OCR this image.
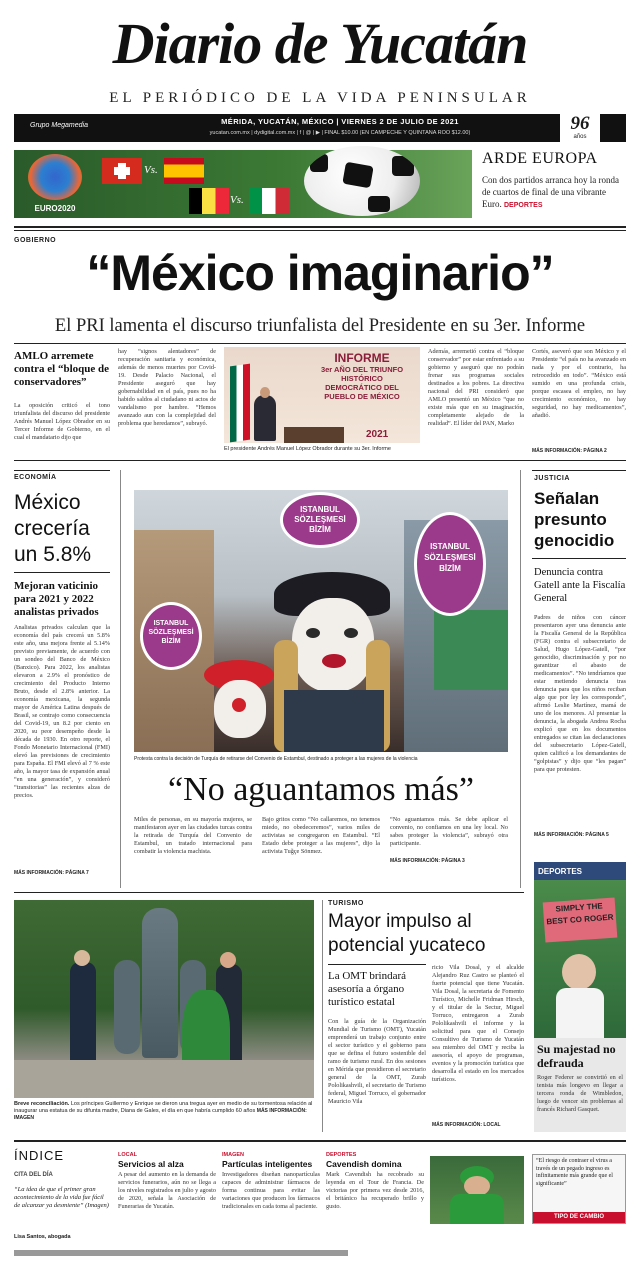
Diario de Yucatán
EL PERIÓDICO DE LA VIDA PENINSULAR
Grupo Megamedia	MÉRIDA, YUCATÁN, MÉXICO | VIERNES 2 DE JULIO DE 2021
yucatan.com.mx | dydigital.com.mx | f | @ | ▶ | FINAL $10.00 (EN CAMPECHE Y QUINTANA ROO $12.00)	96
años
EURO2020
Vs.
Vs.
ARDE EUROPA
Con dos partidos arranca hoy la ronda de cuartos de final de una vibrante Euro. DEPORTES
GOBIERNO
“México imaginario”
El PRI lamenta el discurso triunfalista del Presidente en su 3er. Informe
AMLO arremete contra el “bloque de conservadores”
La oposición criticó el tono triunfalista del discurso del presidente Andrés Manuel López Obrador en su Tercer Informe de Gobierno, en el cual el mandatario dijo que
hay “signos alentadores” de recuperación sanitaria y económica, además de menos muertes por Covid-19. Desde Palacio Nacional, el Presidente aseguró que hay gobernabilidad en el país, pues no ha habido saldos al ciudadano ni actos de vandalismo por hambre. “Hemos avanzado aun con la complejidad del problema que heredamos”, subrayó.
INFORME
3er AÑO DEL TRIUNFO HISTÓRICO DEMOCRÁTICO DEL PUEBLO DE MÉXICO
2021
El presidente Andrés Manuel López Obrador durante su 3er. Informe
Además, arremetió contra el “bloque conservador” por estar enfrentado a su gobierno y aseguró que no podrán frenar sus programas sociales destinados a los pobres. La directiva nacional del PRI consideró que AMLO presentó un México “que no existe más que en su imaginación, completamente alejado de la realidad”. El líder del PAN, Marko
Cortés, aseveró que son México y el Presidente “el país no ha avanzado en nada y por el contrario, ha retrocedido en todo”. “México está sumido en una profunda crisis, porque escasea el empleo, no hay crecimiento económico, no hay seguridad, no hay medicamentos”, añadió.
MÁS INFORMACIÓN: PÁGINA 2
ECONOMÍA
México crecería un 5.8%
Mejoran vaticinio para 2021 y 2022 analistas privados
Analistas privados calculan que la economía del país crecerá un 5.8% este año, una mejora frente al 5.14% previsto previamente, de acuerdo con un sondeo del Banco de México (Banxico). Para 2022, los analistas elevaron a 2.9% el pronóstico de crecimiento del Producto Interno Bruto, desde el 2.8% anterior. La economía mexicana, la segunda mayor de América Latina después de Brasil, se contrajo como consecuencia del Covid-19, un 8.2 por ciento en 2020, su peor desempeño desde la década de 1930. En otro reporte, el Fondo Monetario Internacional (FMI) elevó las previsiones de crecimiento para España. El FMI elevó al 7 % este año, la mayor tasa de expansión anual “en una generación”, y consideró “transitorias” las recientes alzas de precios.
MÁS INFORMACIÓN: PÁGINA 7
ISTANBUL SÖZLEŞMESİ BİZİM
ISTANBUL SÖZLEŞMESİ BİZİM
ISTANBUL SÖZLEŞMESİ BİZİM
Protesta contra la decisión de Turquía de retirarse del Convenio de Estambul, destinado a proteger a las mujeres de la violencia
“No aguantamos más”
Miles de personas, en su mayoría mujeres, se manifestaron ayer en las ciudades turcas contra la retirada de Turquía del Convenio de Estambul, un tratado internacional para combatir la violencia machista.
Bajo gritos como “No callaremos, no tenemos miedo, no obedeceremos”, varios miles de activistas se congregaron en Estambul. “El Estado debe proteger a las mujeres”, dijo la activista Tuğçe Sönmez.
“No aguantamos más. Se debe aplicar el convenio, no confiamos en una ley local. No sabes proteger la violencia”, subrayó otra participante.
MÁS INFORMACIÓN: PÁGINA 3
JUSTICIA
Señalan presunto genocidio
Denuncia contra Gatell ante la Fiscalía General
Padres de niños con cáncer presentaron ayer una denuncia ante la Fiscalía General de la República (FGR) contra el subsecretario de Salud, Hugo López-Gatell, “por genocidio, discriminación y por no garantizar el abasto de medicamentos”. “No tendríamos que estar metiendo denuncia tras denuncia para que los niños reciban algo que por ley les corresponde”, afirmó Leslie Martínez, mamá de uno de los menores. Al presentar la denuncia, la abogada Andrea Rocha explicó que en los documentos entregados se citan las declaraciones del subsecretario López-Gatell, quien calificó a los demandantes de “golpistas” y dijo que “les pagan” para que protesten.
MÁS INFORMACIÓN: PÁGINA 5
DEPORTES
SIMPLY THE BEST CO ROGER
Su majestad no defrauda
Roger Federer se convirtió en el tenista más longevo en llegar a tercera ronda de Wimbledon, luego de vencer sin problemas al francés Richard Gasquet.
Breve reconciliación. Los príncipes Guillermo y Enrique se dieron una tregua ayer en medio de su tormentosa relación al inaugurar una estatua de su difunta madre, Diana de Gales, el día en que habría cumplido 60 años MÁS INFORMACIÓN: IMAGEN
TURISMO
Mayor impulso al potencial yucateco
La OMT brindará asesoría a órgano turístico estatal
Con la guía de la Organización Mundial de Turismo (OMT), Yucatán emprenderá un trabajo conjunto entre el sector turístico y el gobierno para que se defina el futuro sostenible del ramo de turismo rural. En dos sesiones en Mérida que presidieron el secretario general de la OMT, Zurab Pololikashvili, el secretario de Turismo federal, Miguel Torruco, el gobernador Mauricio Vila
ricio Vila Dosal, y el alcalde Alejandro Ruz Castro se planteó el fuerte potencial que tiene Yucatán. Vila Dosal, la secretaria de Fomento Turístico, Michelle Fridman Hirsch, y el titular de la Sectur, Miguel Torruco, entregaron a Zurab Pololikashvili el informe y la solicitud para que el Consejo Consultivo de Turismo de Yucatán sea miembro del OMT y reciba la asesoría, el apoyo de programas, eventos y la promoción turística que desarrolla el estado en los mercados turísticos.
MÁS INFORMACIÓN: LOCAL
ÍNDICE
CITA DEL DÍA
“La idea de que el primer gran acontecimiento de la vida fue fácil de alcanzar ya desmiente” (Imagen)
Lisa Santos, abogada
LOCAL
Servicios al alza
A pesar del aumento en la demanda de servicios funerarios, aún no se llega a los niveles registrados en julio y agosto de 2020, señala la Asociación de Funerarias de Yucatán.
IMAGEN
Partículas inteligentes
Investigadores diseñan nanopartículas capaces de administrar fármacos de forma continua para evitar las variaciones que producen los fármacos tradicionales en cada toma al paciente.
DEPORTES
Cavendish domina
Mark Cavendish ha recobrado su leyenda en el Tour de Francia. De victorias por primera vez desde 2016, el británico ha recuperado brillo y gusto.
“El riesgo de contraer el virus a través de un pegado ingreso es infinitamente más grande que el significante”
TIPO DE CAMBIO
